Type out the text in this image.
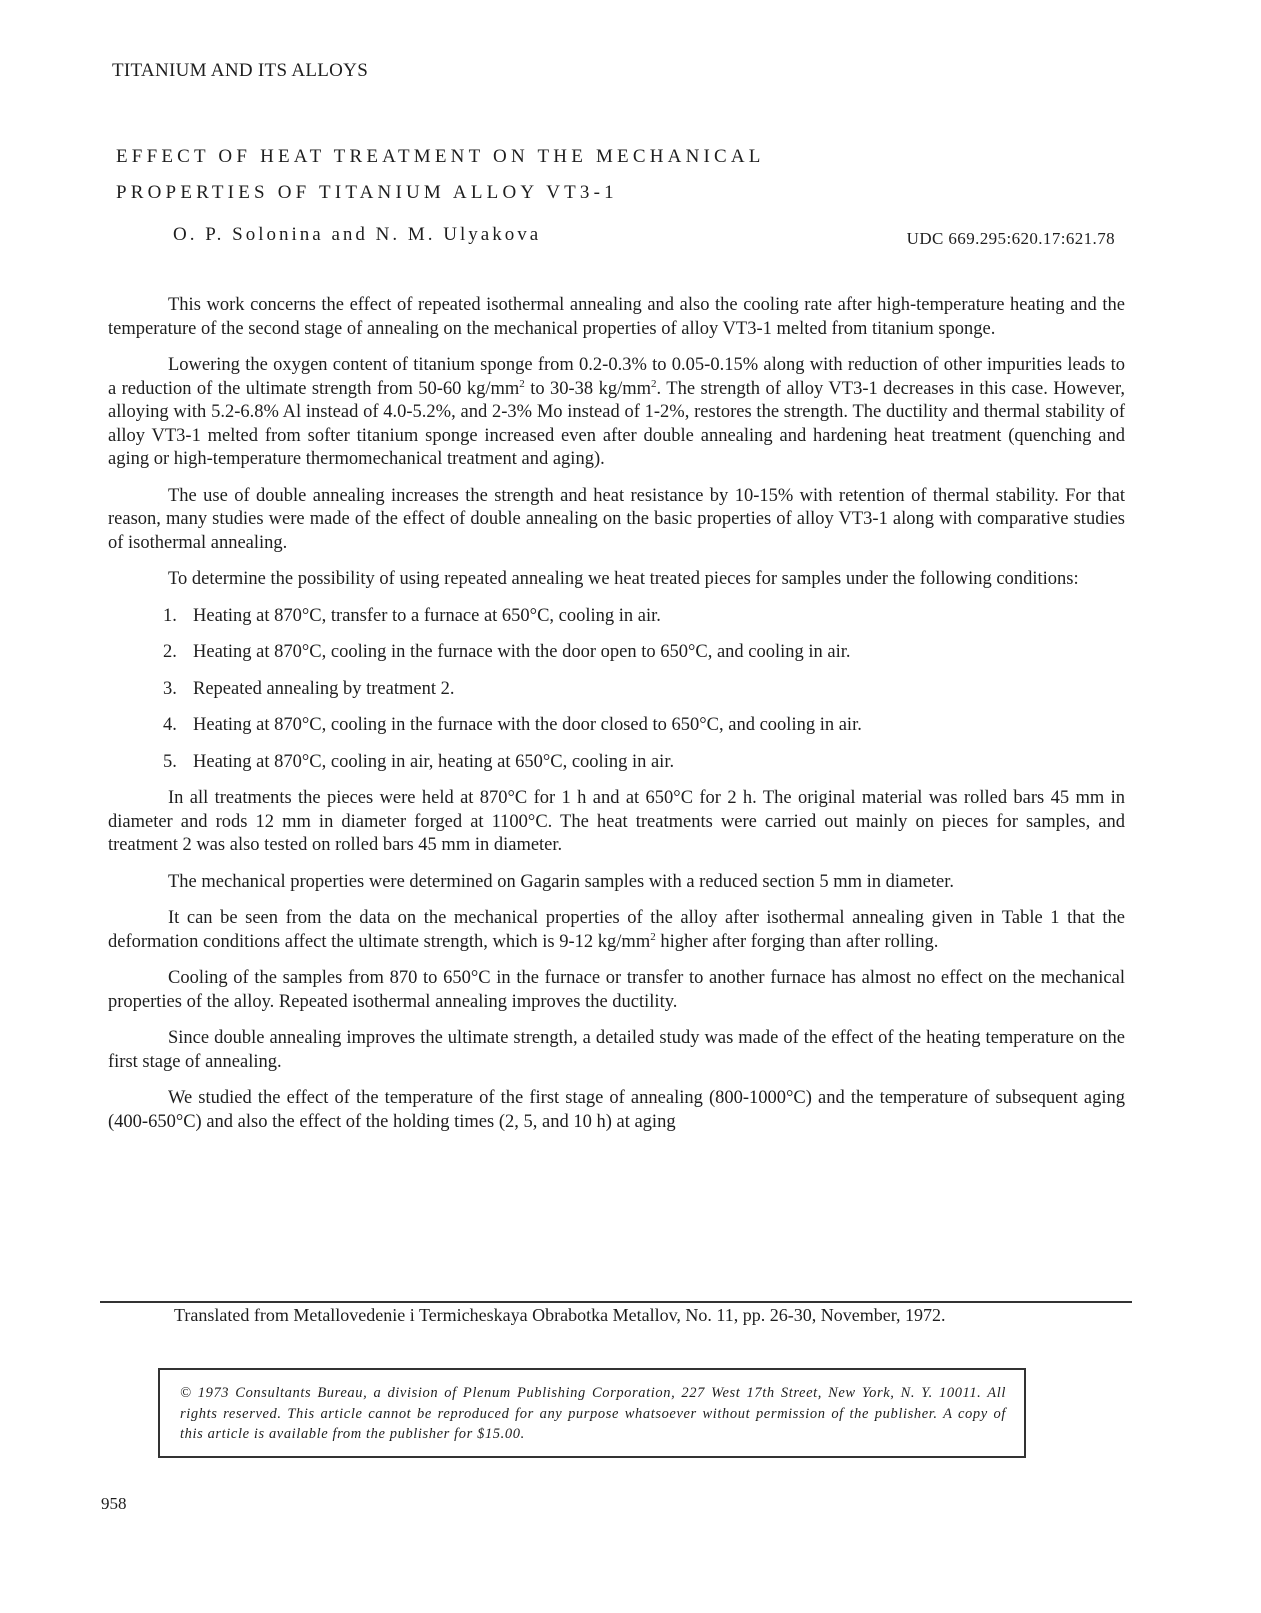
TITANIUM AND ITS ALLOYS
EFFECT OF HEAT TREATMENT ON THE MECHANICAL
PROPERTIES OF TITANIUM ALLOY VT3-1
O. P. Solonina and N. M. Ulyakova	UDC 669.295:620.17:621.78

This work concerns the effect of repeated isothermal annealing and also the cooling rate after high-temperature heating and the temperature of the second stage of annealing on the mechanical properties of alloy VT3-1 melted from titanium sponge.

Lowering the oxygen content of titanium sponge from 0.2-0.3% to 0.05-0.15% along with reduction of other impurities leads to a reduction of the ultimate strength from 50-60 $kg/mm^2$ to 30-38 $kg/mm^2$. The strength of alloy VT3-1 decreases in this case. However, alloying with 5.2-6.8% Al instead of 4.0-5.2%, and 2-3% Mo instead of 1-2%, restores the strength. The ductility and thermal stability of alloy VT3-1 melted from softer titanium sponge increased even after double annealing and hardening heat treatment (quenching and aging or high-temperature thermomechanical treatment and aging).

The use of double annealing increases the strength and heat resistance by 10-15% with retention of thermal stability. For that reason, many studies were made of the effect of double annealing on the basic properties of alloy VT3-1 along with comparative studies of isothermal annealing.

To determine the possibility of using repeated annealing we heat treated pieces for samples under the following conditions:

1. Heating at 870°C, transfer to a furnace at 650°C, cooling in air.
2. Heating at 870°C, cooling in the furnace with the door open to 650°C, and cooling in air.
3. Repeated annealing by treatment 2.
4. Heating at 870°C, cooling in the furnace with the door closed to 650°C, and cooling in air.
5. Heating at 870°C, cooling in air, heating at 650°C, cooling in air.

In all treatments the pieces were held at 870°C for 1 h and at 650°C for 2 h. The original material was rolled bars 45 mm in diameter and rods 12 mm in diameter forged at 1100°C. The heat treatments were carried out mainly on pieces for samples, and treatment 2 was also tested on rolled bars 45 mm in diameter.

The mechanical properties were determined on Gagarin samples with a reduced section 5 mm in diameter.

It can be seen from the data on the mechanical properties of the alloy after isothermal annealing given in Table 1 that the deformation conditions affect the ultimate strength, which is 9-12 $kg/mm^2$ higher after forging than after rolling.

Cooling of the samples from 870 to 650°C in the furnace or transfer to another furnace has almost no effect on the mechanical properties of the alloy. Repeated isothermal annealing improves the ductility.

Since double annealing improves the ultimate strength, a detailed study was made of the effect of the heating temperature on the first stage of annealing.

We studied the effect of the temperature of the first stage of annealing (800-1000°C) and the temperature of subsequent aging (400-650°C) and also the effect of the holding times (2, 5, and 10 h) at aging

Translated from Metallovedenie i Termicheskaya Obrabotka Metallov, No. 11, pp. 26-30, November, 1972.
© 1973 Consultants Bureau, a division of Plenum Publishing Corporation, 227 West 17th Street, New York, N. Y. 10011. All rights reserved. This article cannot be reproduced for any purpose whatsoever without permission of the publisher. A copy of this article is available from the publisher for $15.00.
958
